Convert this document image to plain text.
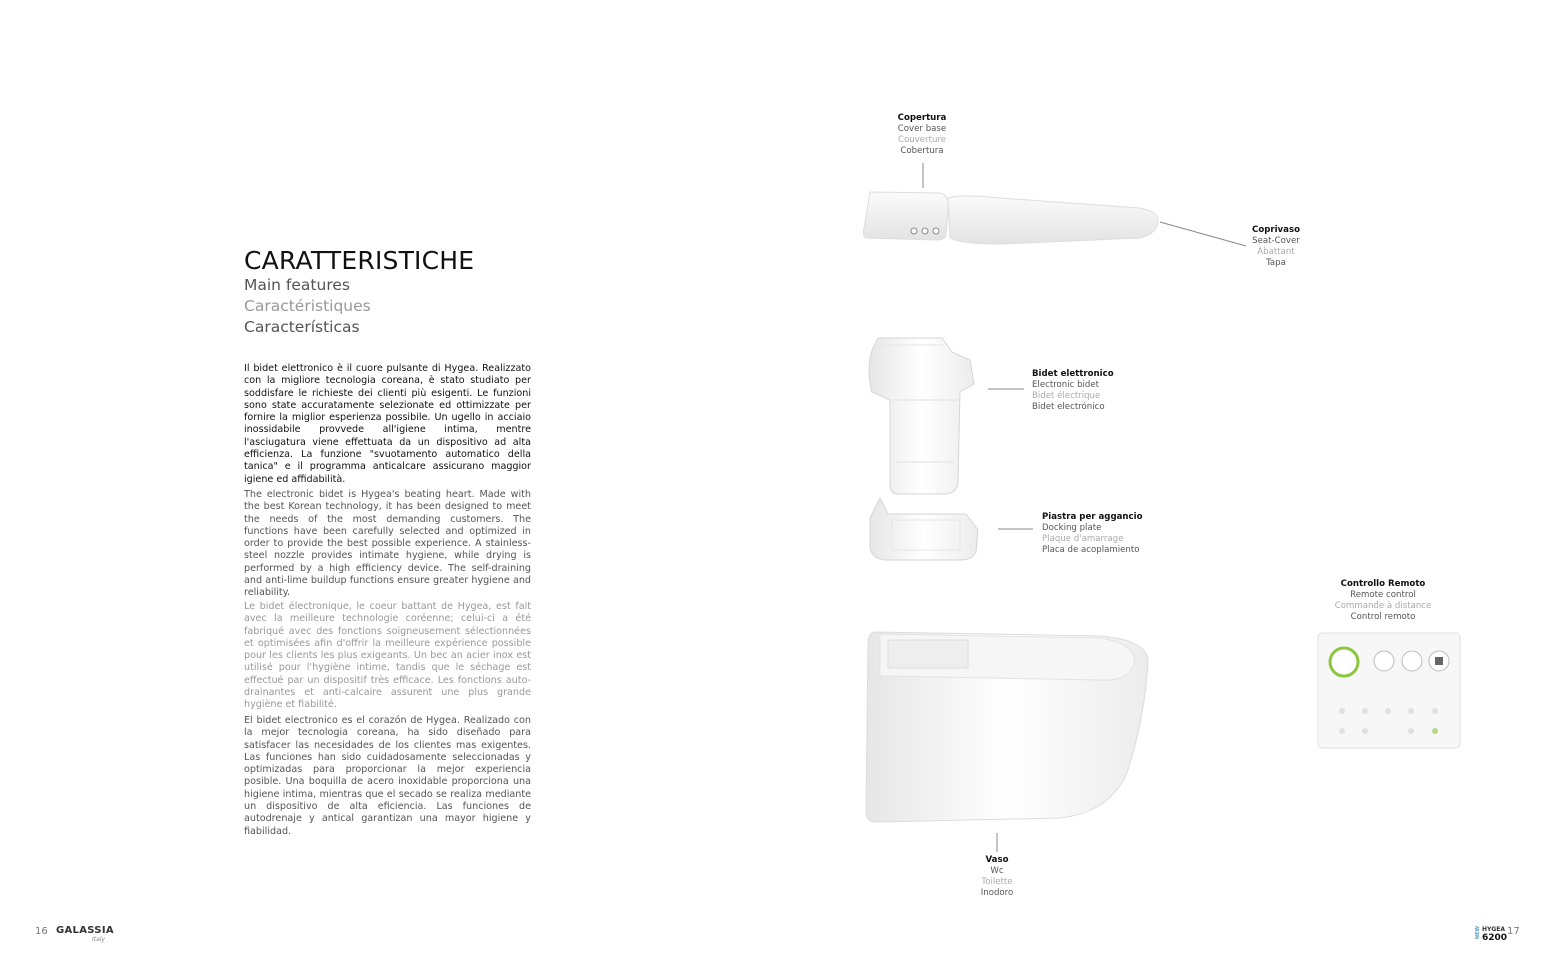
CARATTERISTICHE
Main features
Caractéristiques
Características
Il bidet elettronico è il cuore pulsante di Hygea. Realizzato con la migliore tecnologia coreana, è stato studiato per soddisfare le richieste dei clienti più esigenti. Le funzioni sono state accuratamente selezionate ed ottimizzate per fornire la miglior esperienza possibile. Un ugello in acciaio inossidabile provvede all'igiene intima, mentre l'asciugatura viene effettuata da un dispositivo ad alta efficienza. La funzione "svuotamento automatico della tanica" e il programma anticalcare assicurano maggior igiene ed affidabilità.
The electronic bidet is Hygea's beating heart. Made with the best Korean technology, it has been designed to meet the needs of the most demanding customers. The functions have been carefully selected and optimized in order to provide the best possible experience. A stainless-steel nozzle provides intimate hygiene, while drying is performed by a high efficiency device. The self-draining and anti-lime buildup functions ensure greater hygiene and reliability.
Le bidet électronique, le coeur battant de Hygea, est fait avec la meilleure technologie coréenne; celui-ci a été fabriqué avec des fonctions soigneusement sélectionnées et optimisées afin d'offrir la meilleure expérience possible pour les clients les plus exigeants. Un bec an acier inox est utilisé pour l'hygiène intime, tandis que le séchage est effectué par un dispositif très efficace. Les fonctions auto-drainantes et anti-calcaire assurent une plus grande hygiène et fiabilité.
El bidet electronico es el corazón de Hygea. Realizado con la mejor tecnologia coreana, ha sido diseñado para satisfacer las necesidades de los clientes mas exigentes. Las funciones han sido cuidadosamente seleccionadas y optimizadas para proporcionar la mejor experiencia posible. Una boquilla de acero inoxidable proporciona una higiene intima, mientras que el secado se realiza mediante un dispositivo de alta eficiencia. Las funciones de autodrenaje y antical garantizan una mayor higiene y fiabilidad.
Copertura
Cover base
Couverture
Cobertura
Coprivaso
Seat-Cover
Abattant
Tapa
Bidet elettronico
Electronic bidet
Bidet électrique
Bidet electrónico
Piastra per aggancio
Docking plate
Plaque d'amarrage
Placa de acoplamiento
Controllo Remoto
Remote control
Commande à distance
Control remoto
Vaso
Wc
Toilette
Inodoro
16 GALASSIA
Italy
NEW HYGEA
6200
17
